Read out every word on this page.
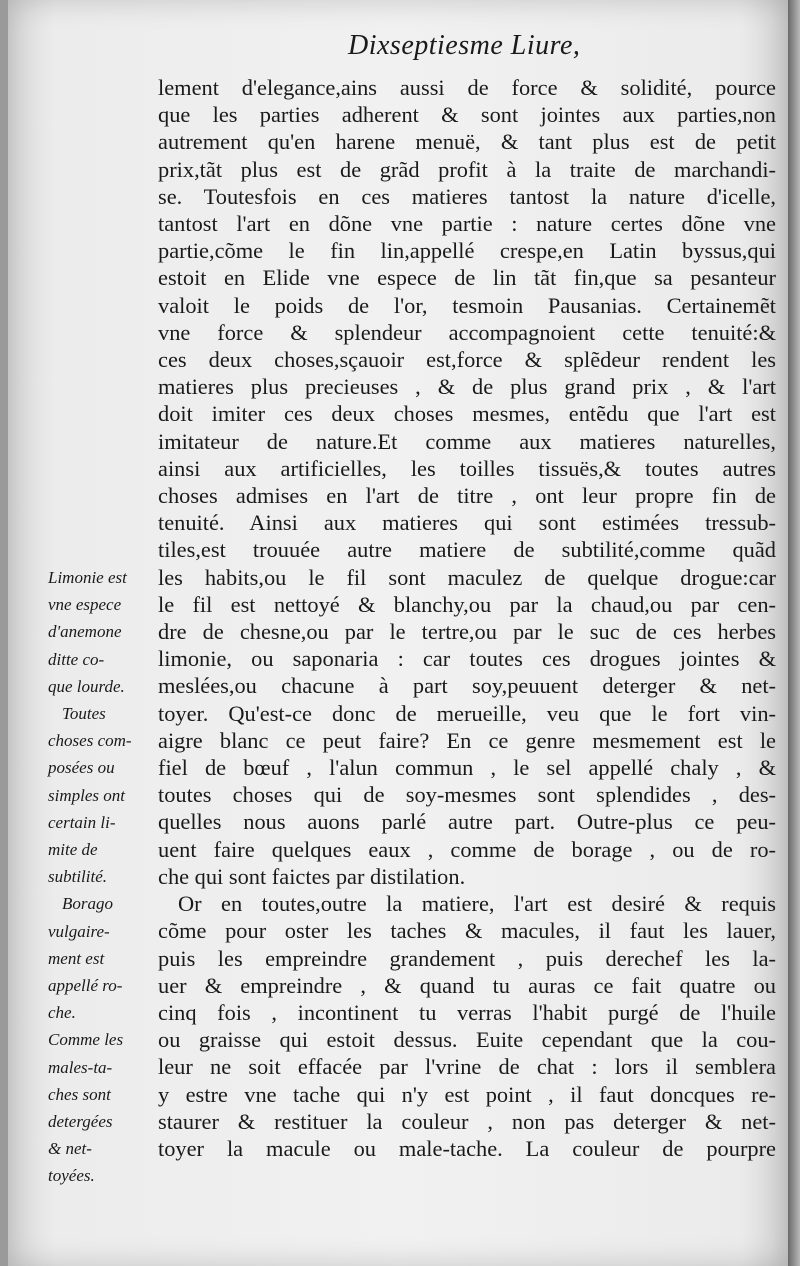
Dixseptiesme Liure,
lement d'elegance,ains aussi de force & solidité, pource
que les parties adherent & sont jointes aux parties,non
autrement qu'en harene menuë, & tant plus est de petit
prix,tãt plus est de grãd profit à la traite de marchandi-
se. Toutesfois en ces matieres tantost la nature d'icelle,
tantost l'art en dõne vne partie : nature certes dõne vne
partie,cõme le fin lin,appellé crespe,en Latin byssus,qui
estoit en Elide vne espece de lin tãt fin,que sa pesanteur
valoit le poids de l'or, tesmoin Pausanias. Certainemẽt
vne force & splendeur accompagnoient cette tenuité:&
ces deux choses,sçauoir est,force & splẽdeur rendent les
matieres plus precieuses , & de plus grand prix , & l'art
doit imiter ces deux choses mesmes, entẽdu que l'art est
imitateur de nature.Et comme aux matieres naturelles,
ainsi aux artificielles, les toilles tissuës,& toutes autres
choses admises en l'art de titre , ont leur propre fin de
tenuité. Ainsi aux matieres qui sont estimées tressub-
tiles,est trouuée autre matiere de subtilité,comme quãd
les habits,ou le fil sont maculez de quelque drogue:car
le fil est nettoyé & blanchy,ou par la chaud,ou par cen-
dre de chesne,ou par le tertre,ou par le suc de ces herbes
limonie, ou saponaria : car toutes ces drogues jointes &
meslées,ou chacune à part soy,peuuent deterger & net-
toyer. Qu'est-ce donc de merueille, veu que le fort vin-
aigre blanc ce peut faire? En ce genre mesmement est le
fiel de bœuf , l'alun commun , le sel appellé chaly , &
toutes choses qui de soy-mesmes sont splendides , des-
quelles nous auons parlé autre part. Outre-plus ce peu-
uent faire quelques eaux , comme de borage , ou de ro-
che qui sont faictes par distilation.
Or en toutes,outre la matiere, l'art est desiré & requis
cõme pour oster les taches & macules, il faut les lauer,
puis les empreindre grandement , puis derechef les la-
uer & empreindre , & quand tu auras ce fait quatre ou
cinq fois , incontinent tu verras l'habit purgé de l'huile
ou graisse qui estoit dessus. Euite cependant que la cou-
leur ne soit effacée par l'vrine de chat : lors il semblera
y estre vne tache qui n'y est point , il faut doncques re-
staurer & restituer la couleur , non pas deterger & net-
toyer la macule ou male-tache. La couleur de pourpre
Limonie est
vne espece
d'anemone
ditte co-
que lourde.
Toutes
choses com-
posées ou
simples ont
certain li-
mite de
subtilité.
Borago
vulgaire-
ment est
appellé ro-
che.
Comme les
males-ta-
ches sont
detergées
& net-
toyées.
